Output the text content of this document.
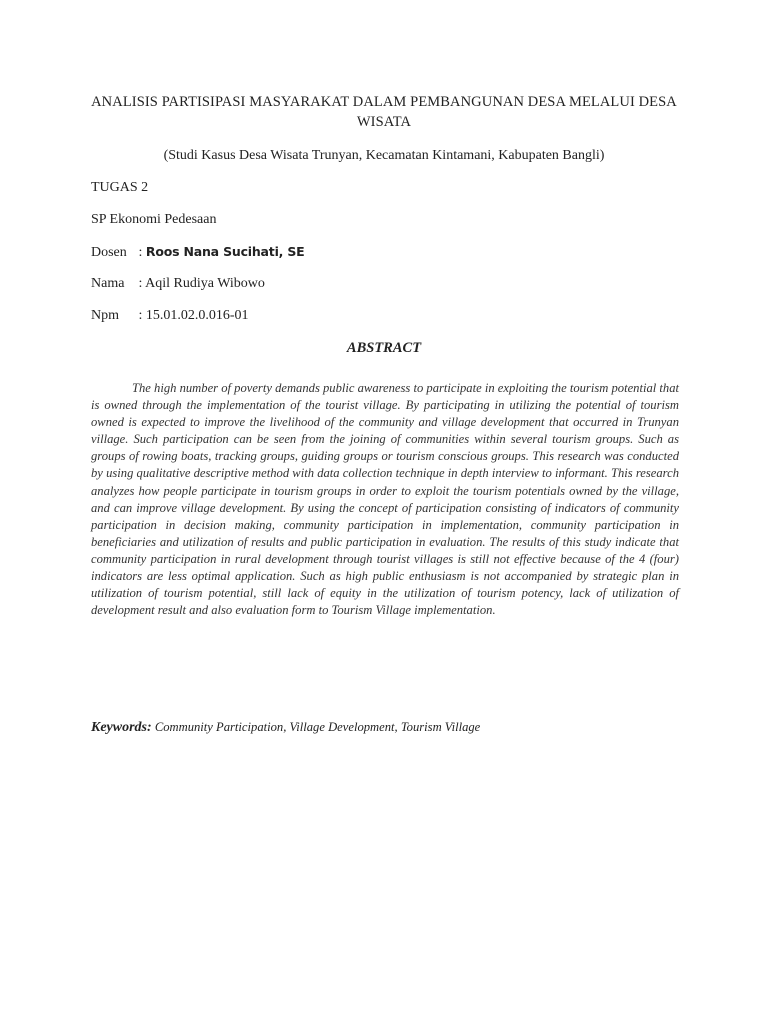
ANALISIS PARTISIPASI MASYARAKAT DALAM PEMBANGUNAN DESA MELALUI DESA WISATA

(Studi Kasus Desa Wisata Trunyan, Kecamatan Kintamani, Kabupaten Bangli)

TUGAS 2

SP Ekonomi Pedesaan

Dosen : Roos Nana Sucihati, SE

Nama : Aqil Rudiya Wibowo

Npm : 15.01.02.0.016-01

ABSTRACT

The high number of poverty demands public awareness to participate in exploiting the tourism potential that is owned through the implementation of the tourist village. By participating in utilizing the potential of tourism owned is expected to improve the livelihood of the community and village development that occurred in Trunyan village. Such participation can be seen from the joining of communities within several tourism groups. Such as groups of rowing boats, tracking groups, guiding groups or tourism conscious groups. This research was conducted by using qualitative descriptive method with data collection technique in depth interview to informant. This research analyzes how people participate in tourism groups in order to exploit the tourism potentials owned by the village, and can improve village development. By using the concept of participation consisting of indicators of community participation in decision making, community participation in implementation, community participation in beneficiaries and utilization of results and public participation in evaluation. The results of this study indicate that community participation in rural development through tourist villages is still not effective because of the 4 (four) indicators are less optimal application. Such as high public enthusiasm is not accompanied by strategic plan in utilization of tourism potential, still lack of equity in the utilization of tourism potency, lack of utilization of development result and also evaluation form to Tourism Village implementation.

Keywords: Community Participation, Village Development, Tourism Village
